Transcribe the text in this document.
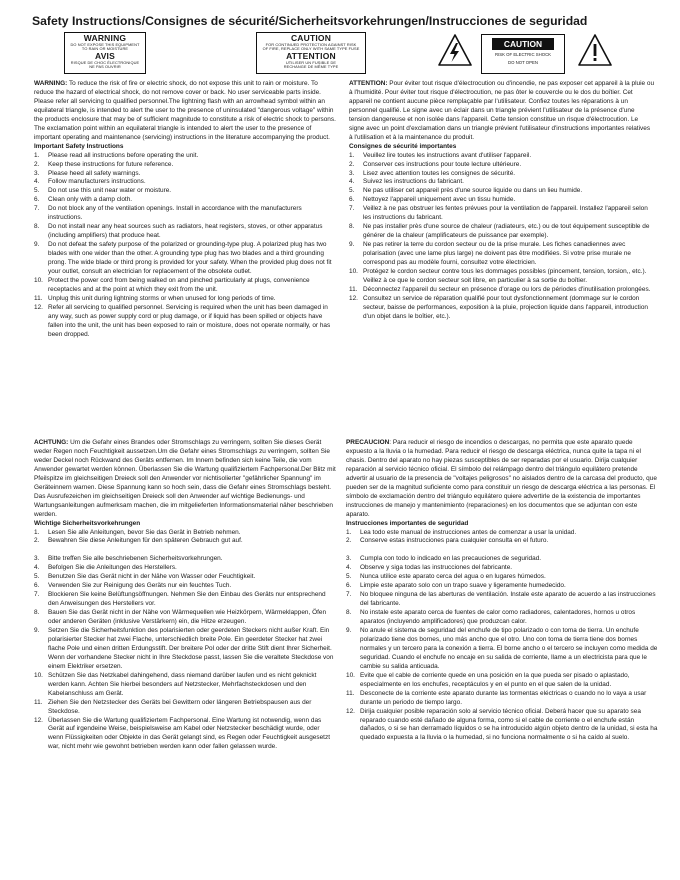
Safety Instructions/Consignes de sécurité/Sicherheitsvorkehrungen/Instrucciones de seguridad
WARNING
DO NOT EXPOSE THIS EQUIPMENT
TO RAIN OR MOISTURE
AVIS
RISQUE DE CHOC ÉLECTRONIQUE
NE PAS OUVRIR
CAUTION
FOR CONTINUED PROTECTION AGAINST RISK
OF FIRE, REPLACE ONLY WITH SAME TYPE FUSE
ATTENTION
UTILISER UN FUSIBLE DE
RECHANGE DE MÊME TYPE
CAUTION
RISK OF ELECTRIC SHOCK
DO NOT OPEN

WARNING: To reduce the risk of fire or electric shock, do not expose this unit to rain or moisture. To reduce the hazard of electrical shock, do not remove cover or back. No user serviceable parts inside. Please refer all servicing to qualified personnel.The lightning flash with an arrowhead symbol within an equilateral triangle, is intended to alert the user to the presence of uninsulated "dangerous voltage" within the products enclosure that may be of sufficient magnitude to constitute a risk of electric shock to persons. The exclamation point within an equilateral triangle is intended to alert the user to the presence of important operating and maintenance (servicing) instructions in the literature accompanying the product.

Important Safety Instructions

1. Please read all instructions before operating the unit.
2. Keep these instructions for future reference.
3. Please heed all safety warnings.
4. Follow manufacturers instructions.
5. Do not use this unit near water or moisture.
6. Clean only with a damp cloth.
7. Do not block any of the ventilation openings. Install in accordance with the manufacturers instructions.
8. Do not install near any heat sources such as radiators, heat registers, stoves, or other apparatus (including amplifiers) that produce heat.
9. Do not defeat the safety purpose of the polarized or grounding-type plug. A polarized plug has two blades with one wider than the other. A grounding type plug has two blades and a third grounding prong. The wide blade or third prong is provided for your safety. When the provided plug does not fit your outlet, consult an electrician for replacement of the obsolete outlet.
10. Protect the power cord from being walked on and pinched particularly at plugs, convenience receptacles and at the point at which they exit from the unit.
11. Unplug this unit during lightning storms or when unused for long periods of time.
12. Refer all servicing to qualified personnel. Servicing is required when the unit has been damaged in any way, such as power supply cord or plug damage, or if liquid has been spilled or objects have fallen into the unit, the unit has been exposed to rain or moisture, does not operate normally, or has been dropped.

ATTENTION: Pour éviter tout risque d'électrocution ou d'incendie, ne pas exposer cet appareil à la pluie ou à l'humidité. Pour éviter tout risque d'électrocution, ne pas ôter le couvercle ou le dos du boîtier. Cet appareil ne contient aucune pièce remplaçable par l'utilisateur. Confiez toutes les réparations à un personnel qualifié. Le signe avec un éclair dans un triangle prévient l'utilisateur de la présence d'une tension dangereuse et non isolée dans l'appareil. Cette tension constitue un risque d'électrocution. Le signe avec un point d'exclamation dans un triangle prévient l'utilisateur d'instructions importantes relatives à l'utilisation et à la maintenance du produit.

Consignes de sécurité importantes

1. Veuillez lire toutes les instructions avant d'utiliser l'appareil.
2. Conserver ces instructions pour toute lecture ultérieure.
3. Lisez avec attention toutes les consignes de sécurité.
4. Suivez les instructions du fabricant.
5. Ne pas utiliser cet appareil près d'une source liquide ou dans un lieu humide.
6. Nettoyez l'appareil uniquement avec un tissu humide.
7. Veillez à ne pas obstruer les fentes prévues pour la ventilation de l'appareil. Installez l'appareil selon les instructions du fabricant.
8. Ne pas installer près d'une source de chaleur (radiateurs, etc.) ou de tout équipement susceptible de générer de la chaleur (amplificateurs de puissance par exemple).
9. Ne pas retirer la terre du cordon secteur ou de la prise murale. Les fiches canadiennes avec polarisation (avec une lame plus large) ne doivent pas être modifiées. Si votre prise murale ne correspond pas au modèle fourni, consultez votre électricien.
10. Protégez le cordon secteur contre tous les dommages possibles (pincement, tension, torsion,, etc.). Veillez à ce que le cordon secteur soit libre, en particulier à sa sortie du boîtier.
11. Déconnectez l'appareil du secteur en présence d'orage ou lors de périodes d'inutilisation prolongées.
12. Consultez un service de réparation qualifié pour tout dysfonctionnement (dommage sur le cordon secteur, baisse de performances, exposition à la pluie, projection liquide dans l'appareil, introduction d'un objet dans le boîtier, etc.).

ACHTUNG: Um die Gefahr eines Brandes oder Stromschlags zu verringern, sollten Sie dieses Gerät weder Regen noch Feuchtigkeit aussetzen.Um die Gefahr eines Stromschlags zu verringern, sollten Sie weder Deckel noch Rückwand des Geräts entfernen. Im Innern befinden sich keine Teile, die vom Anwender gewartet werden können. Überlassen Sie die Wartung qualifiziertem Fachpersonal.Der Blitz mit Pfeilspitze im gleichseitigen Dreieck soll den Anwender vor nichtisolierter "gefährlicher Spannung" im Geräteinnern warnen. Diese Spannung kann so hoch sein, dass die Gefahr eines Stromschlags besteht. Das Ausrufezeichen im gleichseitigen Dreieck soll den Anwender auf wichtige Bedienungs- und Wartungsanleitungen aufmerksam machen, die im mitgelieferten Informationsmaterial näher beschrieben werden.

Wichtige Sicherheitsvorkehrungen

1. Lesen Sie alle Anleitungen, bevor Sie das Gerät in Betrieb nehmen.
2. Bewahren Sie diese Anleitungen für den späteren Gebrauch gut auf.
3. Bitte treffen Sie alle beschriebenen Sicherheitsvorkehrungen.
4. Befolgen Sie die Anleitungen des Herstellers.
5. Benutzen Sie das Gerät nicht in der Nähe von Wasser oder Feuchtigkeit.
6. Verwenden Sie zur Reinigung des Geräts nur ein feuchtes Tuch.
7. Blockieren Sie keine Belüftungsöffnungen. Nehmen Sie den Einbau des Geräts nur entsprechend den Anweisungen des Herstellers vor.
8. Bauen Sie das Gerät nicht in der Nähe von Wärmequellen wie Heizkörpern, Wärmeklappen, Öfen oder anderen Geräten (inklusive Verstärkern) ein, die Hitze erzeugen.
9. Setzen Sie die Sicherheitsfunktion des polarisierten oder geerdeten Steckers nicht außer Kraft. Ein polarisierter Stecker hat zwei Flache, unterschiedlich breite Pole. Ein geerdeter Stecker hat zwei flache Pole und einen dritten Erdungsstift. Der breitere Pol oder der dritte Stift dient Ihrer Sicherheit. Wenn der vorhandene Stecker nicht in Ihre Steckdose passt, lassen Sie die veraltete Steckdose von einem Elektriker ersetzen.
10. Schützen Sie das Netzkabel dahingehend, dass niemand darüber laufen und es nicht geknickt werden kann. Achten Sie hierbei besonders auf Netzstecker, Mehrfachsteckdosen und den Kabelanschluss am Gerät.
11. Ziehen Sie den Netzstecker des Geräts bei Gewittern oder längeren Betriebspausen aus der Steckdose.
12. Überlassen Sie die Wartung qualifiziertem Fachpersonal. Eine Wartung ist notwendig, wenn das Gerät auf irgendeine Weise, beispielsweise am Kabel oder Netzstecker beschädigt wurde, oder wenn Flüssigkeiten oder Objekte in das Gerät gelangt sind, es Regen oder Feuchtigkeit ausgesetzt war, nicht mehr wie gewohnt betrieben werden kann oder fallen gelassen wurde.

PRECAUCION: Para reducir el riesgo de incendios o descargas, no permita que este aparato quede expuesto a la lluvia o la humedad. Para reducir el riesgo de descarga eléctrica, nunca quite la tapa ni el chasis. Dentro del aparato no hay piezas susceptibles de ser reparadas por el usuario. Dirija cualquier reparación al servicio técnico oficial. El símbolo del relámpago dentro del triángulo equilátero pretende advertir al usuario de la presencia de "voltajes peligrosos" no aislados dentro de la carcasa del producto, que pueden ser de la magnitud suficiente como para constituir un riesgo de descarga eléctrica a las personas. El símbolo de exclamación dentro del triángulo equilátero quiere advertirle de la existencia de importantes instrucciones de manejo y mantenimiento (reparaciones) en los documentos que se adjuntan con este aparato.

Instrucciones importantes de seguridad

1. Lea todo este manual de instrucciones antes de comenzar a usar la unidad.
2. Conserve estas instrucciones para cualquier consulta en el futuro.
3. Cumpla con todo lo indicado en las precauciones de seguridad.
4. Observe y siga todas las instrucciones del fabricante.
5. Nunca utilice este aparato cerca del agua o en lugares húmedos.
6. Limpie este aparato solo con un trapo suave y ligeramente humedecido.
7. No bloquee ninguna de las aberturas de ventilación. Instale este aparato de acuerdo a las instrucciones del fabricante.
8. No instale este aparato cerca de fuentes de calor como radiadores, calentadores, hornos u otros aparatos (incluyendo amplificadores) que produzcan calor.
9. No anule el sistema de seguridad del enchufe de tipo polarizado o con toma de tierra. Un enchufe polarizado tiene dos bornes, uno más ancho que el otro. Uno con toma de tierra tiene dos bornes normales y un tercero para la conexión a tierra. El borne ancho o el tercero se incluyen como medida de seguridad. Cuando el enchufe no encaje en su salida de corriente, llame a un electricista para que le cambie su salida anticuada.
10. Evite que el cable de corriente quede en una posición en la que pueda ser pisado o aplastado, especialmente en los enchufes, receptáculos y en el punto en el que salen de la unidad.
11. Desconecte de la corriente este aparato durante las tormentas eléctricas o cuando no lo vaya a usar durante un periodo de tiempo largo.
12. Dirija cualquier posible reparación solo al servicio técnico oficial. Deberá hacer que su aparato sea reparado cuando esté dañado de alguna forma, como si el cable de corriente o el enchufe están dañados, o si se han derramado líquidos o se ha introducido algún objeto dentro de la unidad, si esta ha quedado expuesta a la lluvia o la humedad, si no funciona normalmente o si ha caído al suelo.
